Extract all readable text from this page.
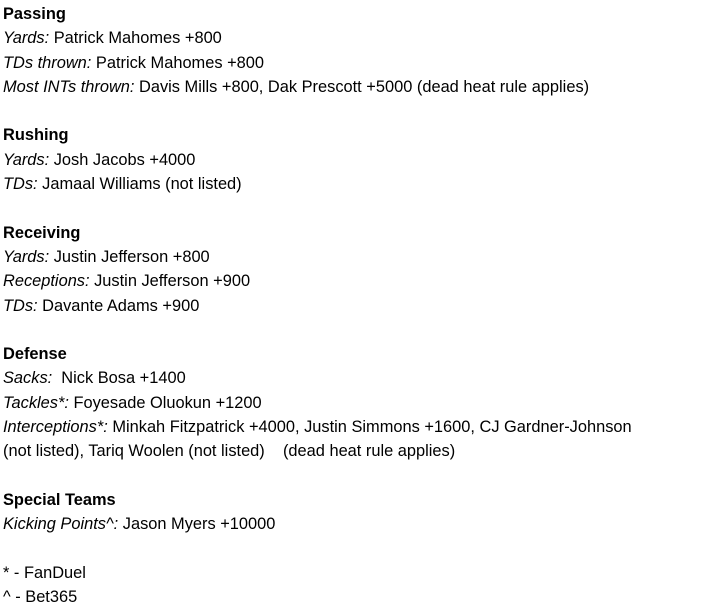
Passing
Yards: Patrick Mahomes +800
TDs thrown: Patrick Mahomes +800
Most INTs thrown: Davis Mills +800, Dak Prescott +5000 (dead heat rule applies)
Rushing
Yards: Josh Jacobs +4000
TDs: Jamaal Williams (not listed)
Receiving
Yards: Justin Jefferson +800
Receptions: Justin Jefferson +900
TDs: Davante Adams +900
Defense
Sacks:  Nick Bosa +1400
Tackles*: Foyesade Oluokun +1200
Interceptions*: Minkah Fitzpatrick +4000, Justin Simmons +1600, CJ Gardner-Johnson
(not listed), Tariq Woolen (not listed)    (dead heat rule applies)
Special Teams
Kicking Points^: Jason Myers +10000
* - FanDuel
^ - Bet365
